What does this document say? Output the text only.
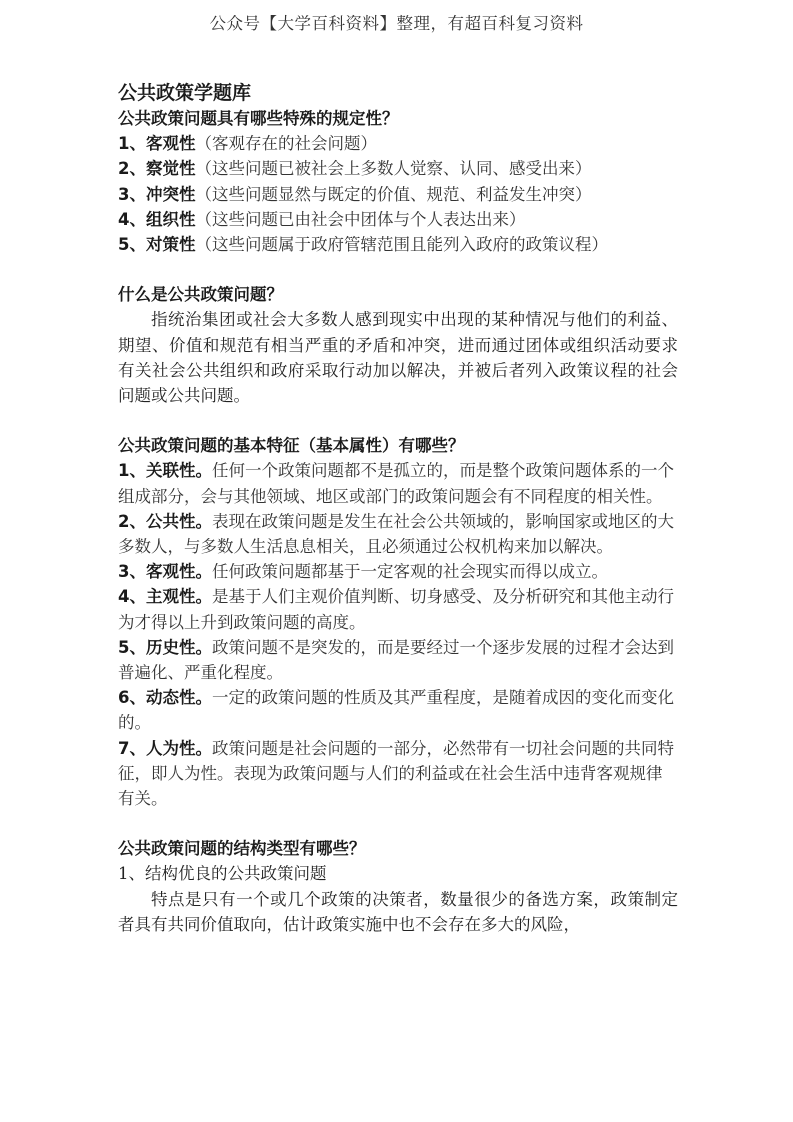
公众号【大学百科资料】整理，有超百科复习资料

公共政策学题库

公共政策问题具有哪些特殊的规定性？

1、客观性（客观存在的社会问题）

2、察觉性（这些问题已被社会上多数人觉察、认同、感受出来）

3、冲突性（这些问题显然与既定的价值、规范、利益发生冲突）

4、组织性（这些问题已由社会中团体与个人表达出来）

5、对策性（这些问题属于政府管辖范围且能列入政府的政策议程）

什么是公共政策问题？

指统治集团或社会大多数人感到现实中出现的某种情况与他们的利益、期望、价值和规范有相当严重的矛盾和冲突，进而通过团体或组织活动要求有关社会公共组织和政府采取行动加以解决，并被后者列入政策议程的社会问题或公共问题。

公共政策问题的基本特征（基本属性）有哪些？

1、关联性。任何一个政策问题都不是孤立的，而是整个政策问题体系的一个组成部分，会与其他领域、地区或部门的政策问题会有不同程度的相关性。

2、公共性。表现在政策问题是发生在社会公共领域的，影响国家或地区的大多数人，与多数人生活息息相关，且必须通过公权机构来加以解决。

3、客观性。任何政策问题都基于一定客观的社会现实而得以成立。

4、主观性。是基于人们主观价值判断、切身感受、及分析研究和其他主动行为才得以上升到政策问题的高度。

5、历史性。政策问题不是突发的，而是要经过一个逐步发展的过程才会达到普遍化、严重化程度。

6、动态性。一定的政策问题的性质及其严重程度，是随着成因的变化而变化的。

7、人为性。政策问题是社会问题的一部分，必然带有一切社会问题的共同特征，即人为性。表现为政策问题与人们的利益或在社会生活中违背客观规律有关。

公共政策问题的结构类型有哪些？

1、结构优良的公共政策问题

特点是只有一个或几个政策的决策者，数量很少的备选方案，政策制定者具有共同价值取向，估计政策实施中也不会存在多大的风险，
